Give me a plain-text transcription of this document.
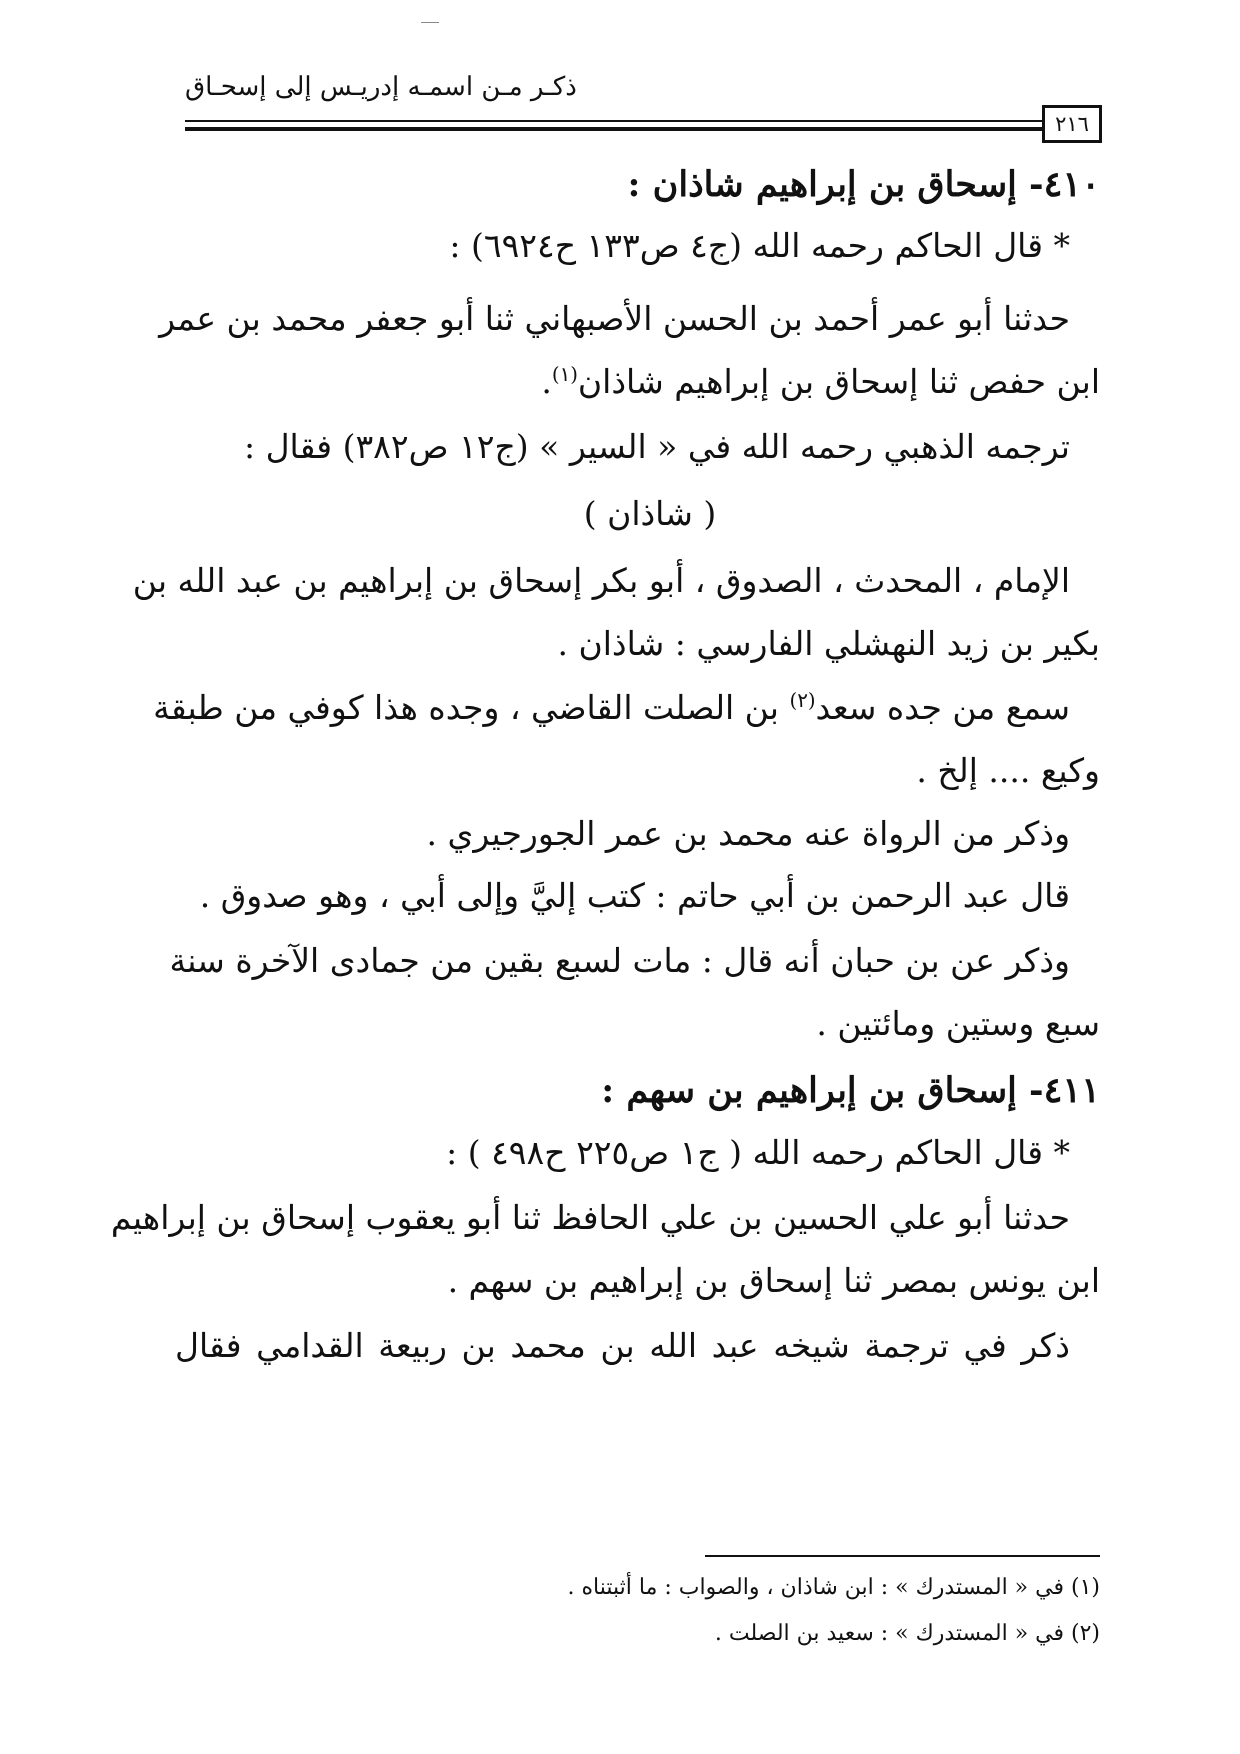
ذكـر مـن اسمـه إدريـس إلى إسحـاق
٢١٦
٤١٠- إسحاق بن إبراهيم شاذان :
* قال الحاكم رحمه الله (ج٤ ص١٣٣ ح٦٩٢٤) :
حدثنا أبو عمر أحمد بن الحسن الأصبهاني ثنا أبو جعفر محمد بن عمر
ابن حفص ثنا إسحاق بن إبراهيم شاذان$^{(١)}$.
ترجمه الذهبي رحمه الله في « السير » (ج١٢ ص٣٨٢) فقال :
( شاذان )
الإمام ، المحدث ، الصدوق ، أبو بكر إسحاق بن إبراهيم بن عبد الله بن
بكير بن زيد النهشلي الفارسي : شاذان .
سمع من جده سعد$^{(٢)}$ بن الصلت القاضي ، وجده هذا كوفي من طبقة
وكيع .... إلخ .
وذكر من الرواة عنه محمد بن عمر الجورجيري .
قال عبد الرحمن بن أبي حاتم : كتب إليَّ وإلى أبي ، وهو صدوق .
وذكر عن بن حبان أنه قال : مات لسبع بقين من جمادى الآخرة سنة
سبع وستين ومائتين .
٤١١- إسحاق بن إبراهيم بن سهم :
* قال الحاكم رحمه الله ( ج١ ص٢٢٥ ح٤٩٨ ) :
حدثنا أبو علي الحسين بن علي الحافظ ثنا أبو يعقوب إسحاق بن إبراهيم
ابن يونس بمصر ثنا إسحاق بن إبراهيم بن سهم .
ذكر في ترجمة شيخه عبد الله بن محمد بن ربيعة القدامي فقال
(١) في « المستدرك » : ابن شاذان ، والصواب : ما أثبتناه .
(٢) في « المستدرك » : سعيد بن الصلت .
